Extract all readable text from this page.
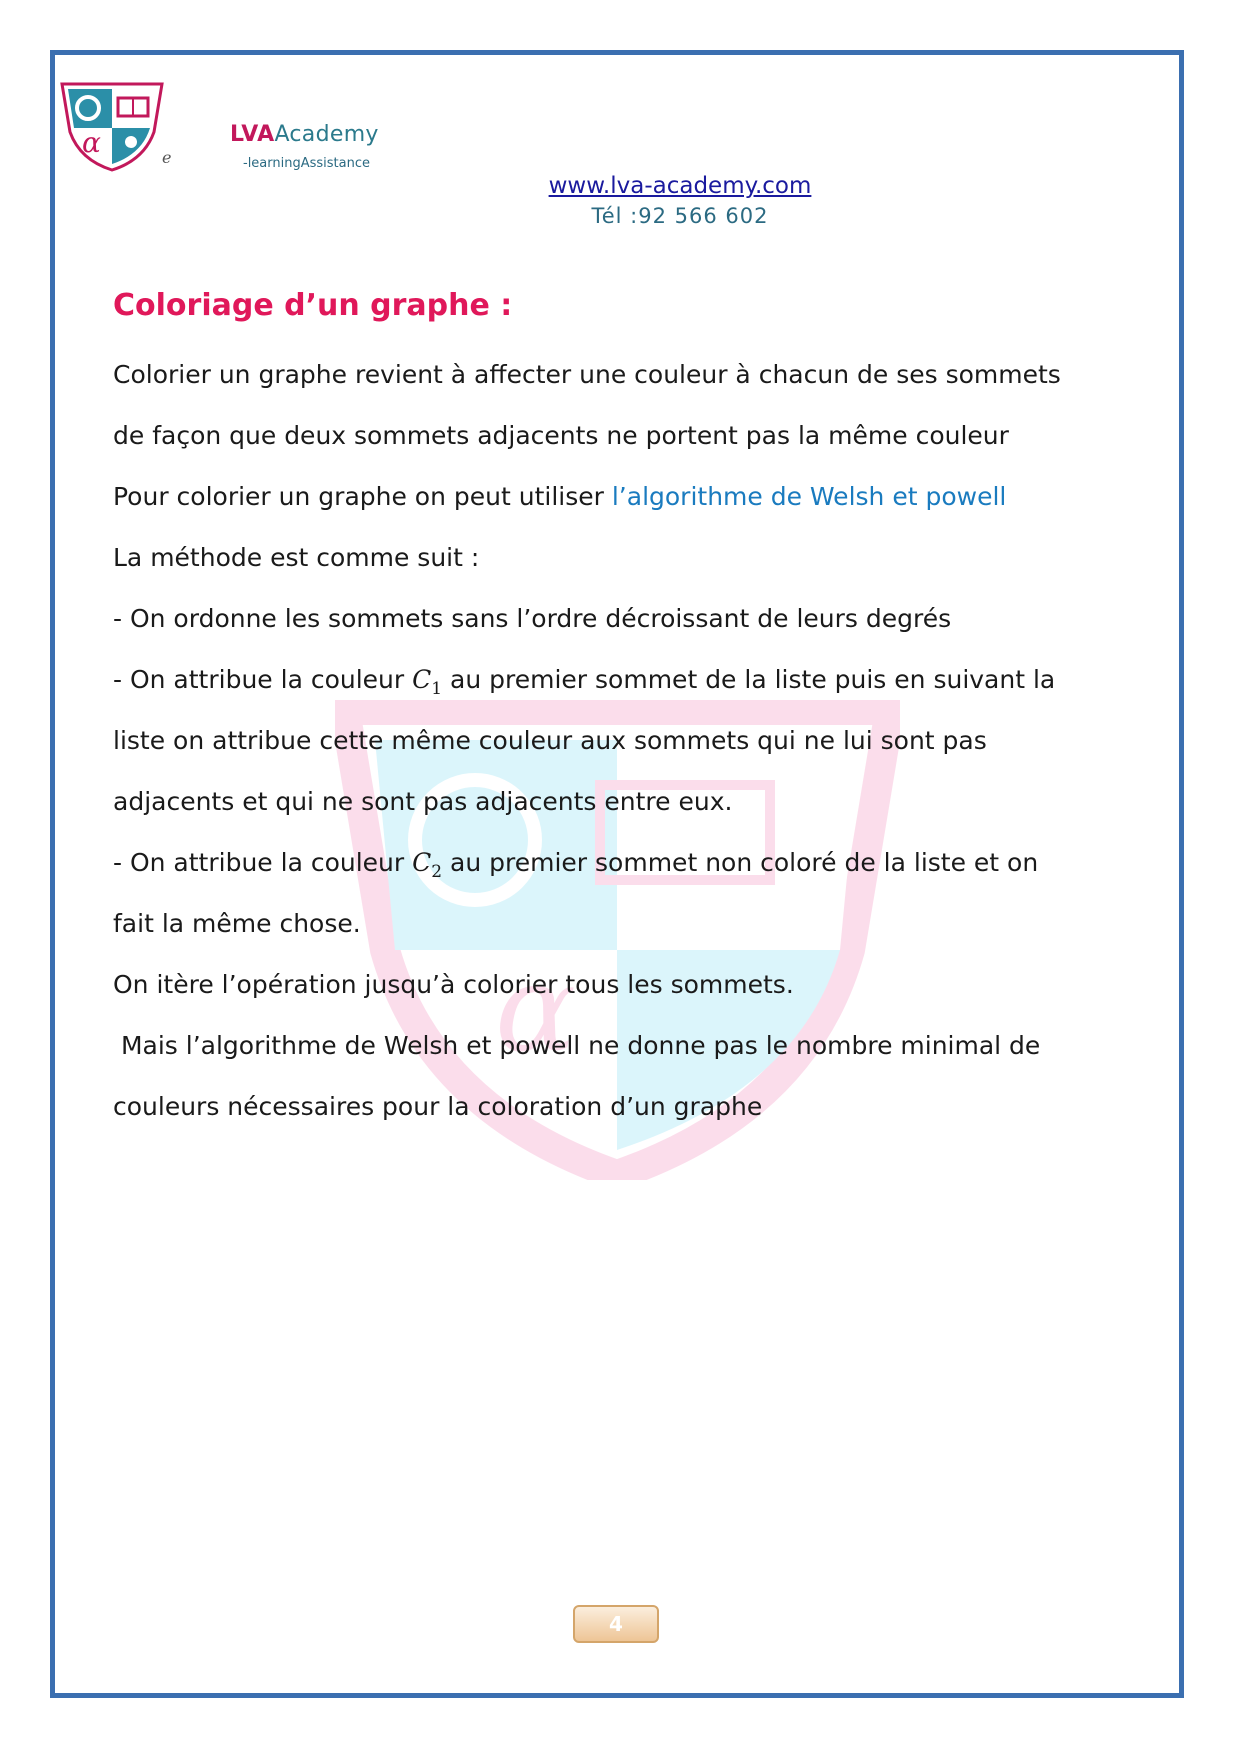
α
α	e
LVAAcademy
-learningAssistance
www.lva-academy.com
Tél :92 566 602
Coloriage d’un graphe :
Colorier un graphe revient à affecter une couleur à chacun de ses sommets
de façon que deux sommets adjacents ne portent pas la même couleur
Pour colorier un graphe on peut utiliser l’algorithme de Welsh et powell
La méthode est comme suit :
- On ordonne les sommets sans l’ordre décroissant de leurs degrés
- On attribue la couleur $C_1$ au premier sommet de la liste puis en suivant la
liste on attribue cette même couleur aux sommets qui ne lui sont pas
adjacents et qui ne sont pas adjacents entre eux.
- On attribue la couleur $C_2$ au premier sommet non coloré de la liste et on
fait la même chose.
On itère l’opération jusqu’à colorier tous les sommets.
Mais l’algorithme de Welsh et powell ne donne pas le nombre minimal de
couleurs nécessaires pour la coloration d’un graphe
4
